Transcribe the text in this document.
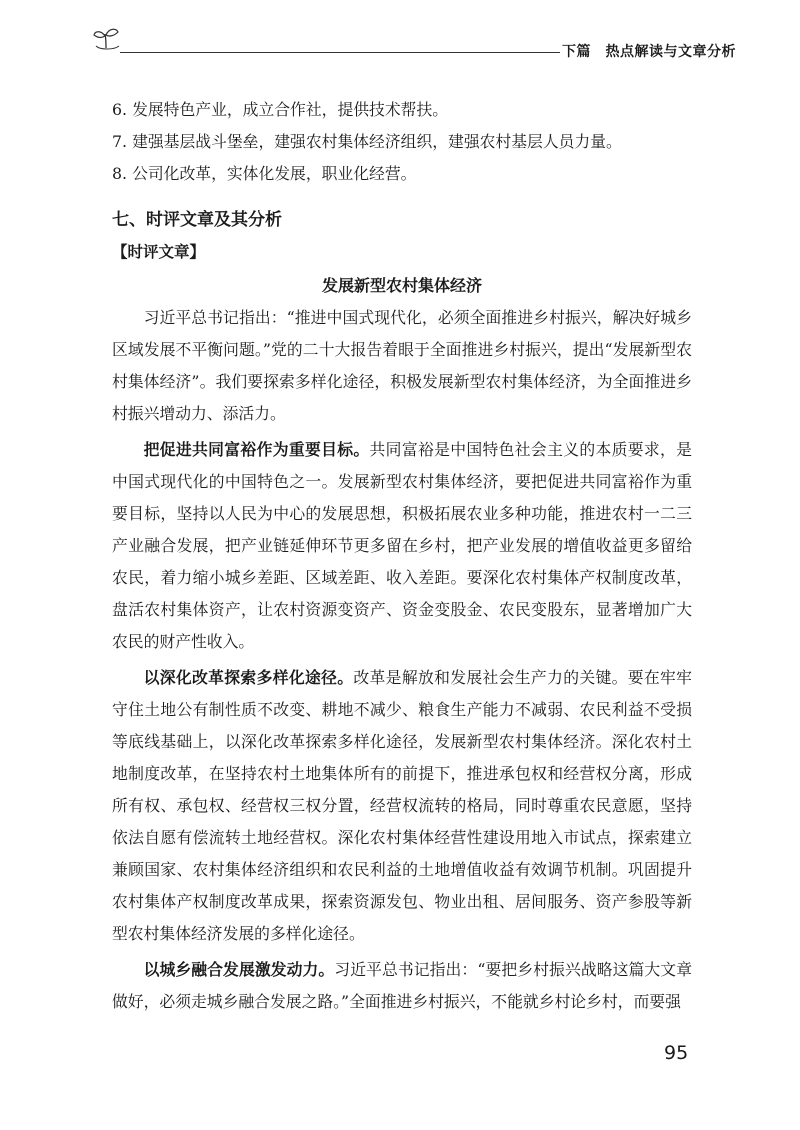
下篇　热点解读与文章分析

6. 发展特色产业，成立合作社，提供技术帮扶。

7. 建强基层战斗堡垒，建强农村集体经济组织，建强农村基层人员力量。

8. 公司化改革，实体化发展，职业化经营。

七、时评文章及其分析

【时评文章】

发展新型农村集体经济

习近平总书记指出：“推进中国式现代化，必须全面推进乡村振兴，解决好城乡区域发展不平衡问题。”党的二十大报告着眼于全面推进乡村振兴，提出“发展新型农村集体经济”。我们要探索多样化途径，积极发展新型农村集体经济，为全面推进乡村振兴增动力、添活力。

把促进共同富裕作为重要目标。共同富裕是中国特色社会主义的本质要求，是中国式现代化的中国特色之一。发展新型农村集体经济，要把促进共同富裕作为重要目标，坚持以人民为中心的发展思想，积极拓展农业多种功能，推进农村一二三产业融合发展，把产业链延伸环节更多留在乡村，把产业发展的增值收益更多留给农民，着力缩小城乡差距、区域差距、收入差距。要深化农村集体产权制度改革，盘活农村集体资产，让农村资源变资产、资金变股金、农民变股东，显著增加广大农民的财产性收入。

以深化改革探索多样化途径。改革是解放和发展社会生产力的关键。要在牢牢守住土地公有制性质不改变、耕地不减少、粮食生产能力不减弱、农民利益不受损等底线基础上，以深化改革探索多样化途径，发展新型农村集体经济。深化农村土地制度改革，在坚持农村土地集体所有的前提下，推进承包权和经营权分离，形成所有权、承包权、经营权三权分置，经营权流转的格局，同时尊重农民意愿，坚持依法自愿有偿流转土地经营权。深化农村集体经营性建设用地入市试点，探索建立兼顾国家、农村集体经济组织和农民利益的土地增值收益有效调节机制。巩固提升农村集体产权制度改革成果，探索资源发包、物业出租、居间服务、资产参股等新型农村集体经济发展的多样化途径。

以城乡融合发展激发动力。习近平总书记指出：“要把乡村振兴战略这篇大文章做好，必须走城乡融合发展之路。”全面推进乡村振兴，不能就乡村论乡村，而要强

95
